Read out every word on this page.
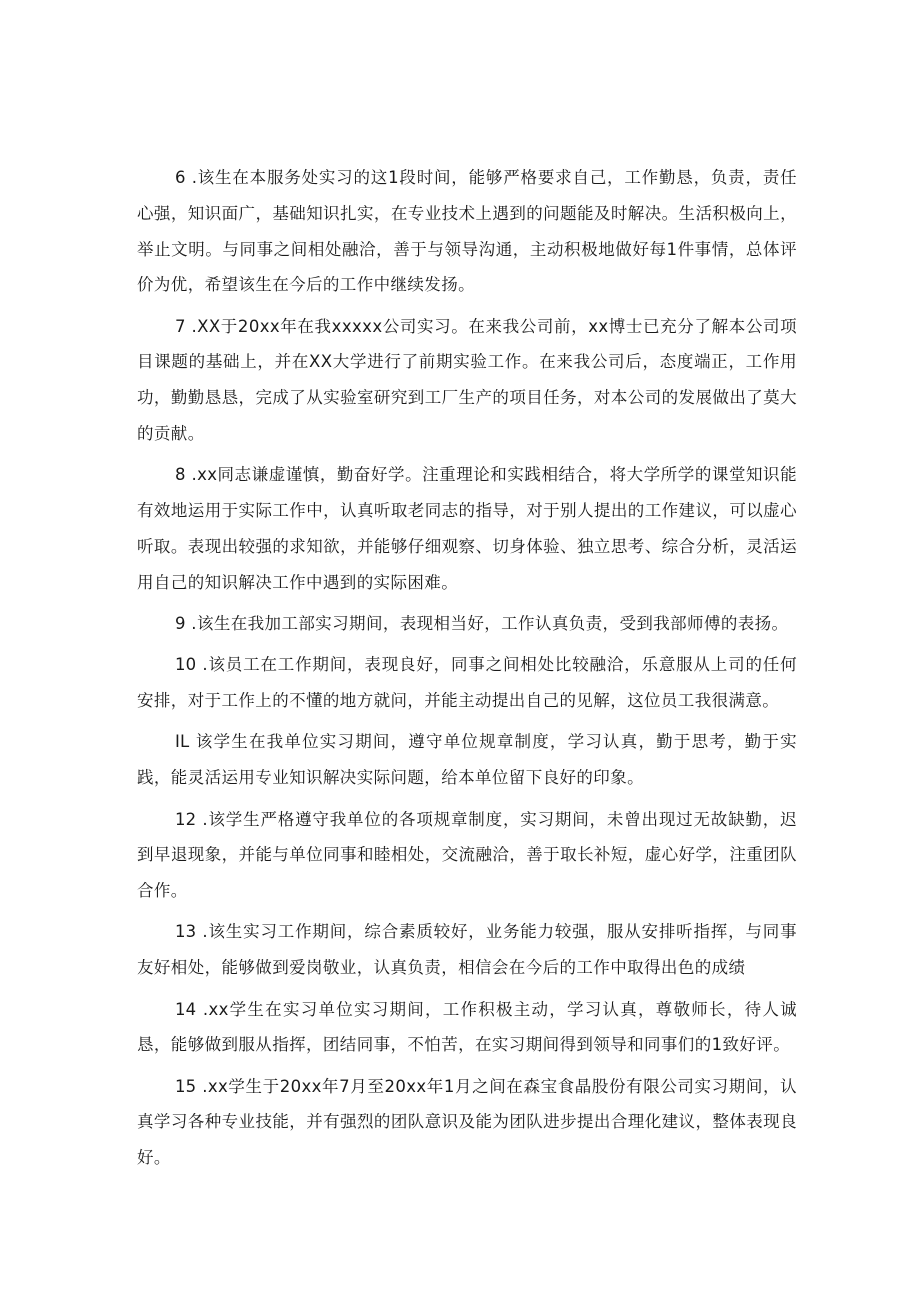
6 .该生在本服务处实习的这1段时间，能够严格要求自己，工作勤恳，负责，责任心强，知识面广，基础知识扎实，在专业技术上遇到的问题能及时解决。生活积极向上，举止文明。与同事之间相处融洽，善于与领导沟通，主动积极地做好每1件事情，总体评价为优，希望该生在今后的工作中继续发扬。

7 .XX于20xx年在我xxxxx公司实习。在来我公司前，xx博士已充分了解本公司项目课题的基础上，并在XX大学进行了前期实验工作。在来我公司后，态度端正，工作用功，勤勤恳恳，完成了从实验室研究到工厂生产的项目任务，对本公司的发展做出了莫大的贡献。

8 .xx同志谦虚谨慎，勤奋好学。注重理论和实践相结合，将大学所学的课堂知识能有效地运用于实际工作中，认真听取老同志的指导，对于别人提出的工作建议，可以虚心听取。表现出较强的求知欲，并能够仔细观察、切身体验、独立思考、综合分析，灵活运用自己的知识解决工作中遇到的实际困难。

9 .该生在我加工部实习期间，表现相当好，工作认真负责，受到我部师傅的表扬。

10 .该员工在工作期间，表现良好，同事之间相处比较融洽，乐意服从上司的任何安排，对于工作上的不懂的地方就问，并能主动提出自己的见解，这位员工我很满意。

IL 该学生在我单位实习期间，遵守单位规章制度，学习认真，勤于思考，勤于实践，能灵活运用专业知识解决实际问题，给本单位留下良好的印象。

12 .该学生严格遵守我单位的各项规章制度，实习期间，未曾出现过无故缺勤，迟到早退现象，并能与单位同事和睦相处，交流融洽，善于取长补短，虚心好学，注重团队合作。

13 .该生实习工作期间，综合素质较好，业务能力较强，服从安排听指挥，与同事友好相处，能够做到爱岗敬业，认真负责，相信会在今后的工作中取得出色的成绩

14 .xx学生在实习单位实习期间，工作积极主动，学习认真，尊敬师长，待人诚恳，能够做到服从指挥，团结同事，不怕苦，在实习期间得到领导和同事们的1致好评。

15 .xx学生于20xx年7月至20xx年1月之间在森宝食晶股份有限公司实习期间，认真学习各种专业技能，并有强烈的团队意识及能为团队进步提出合理化建议，整体表现良好。
